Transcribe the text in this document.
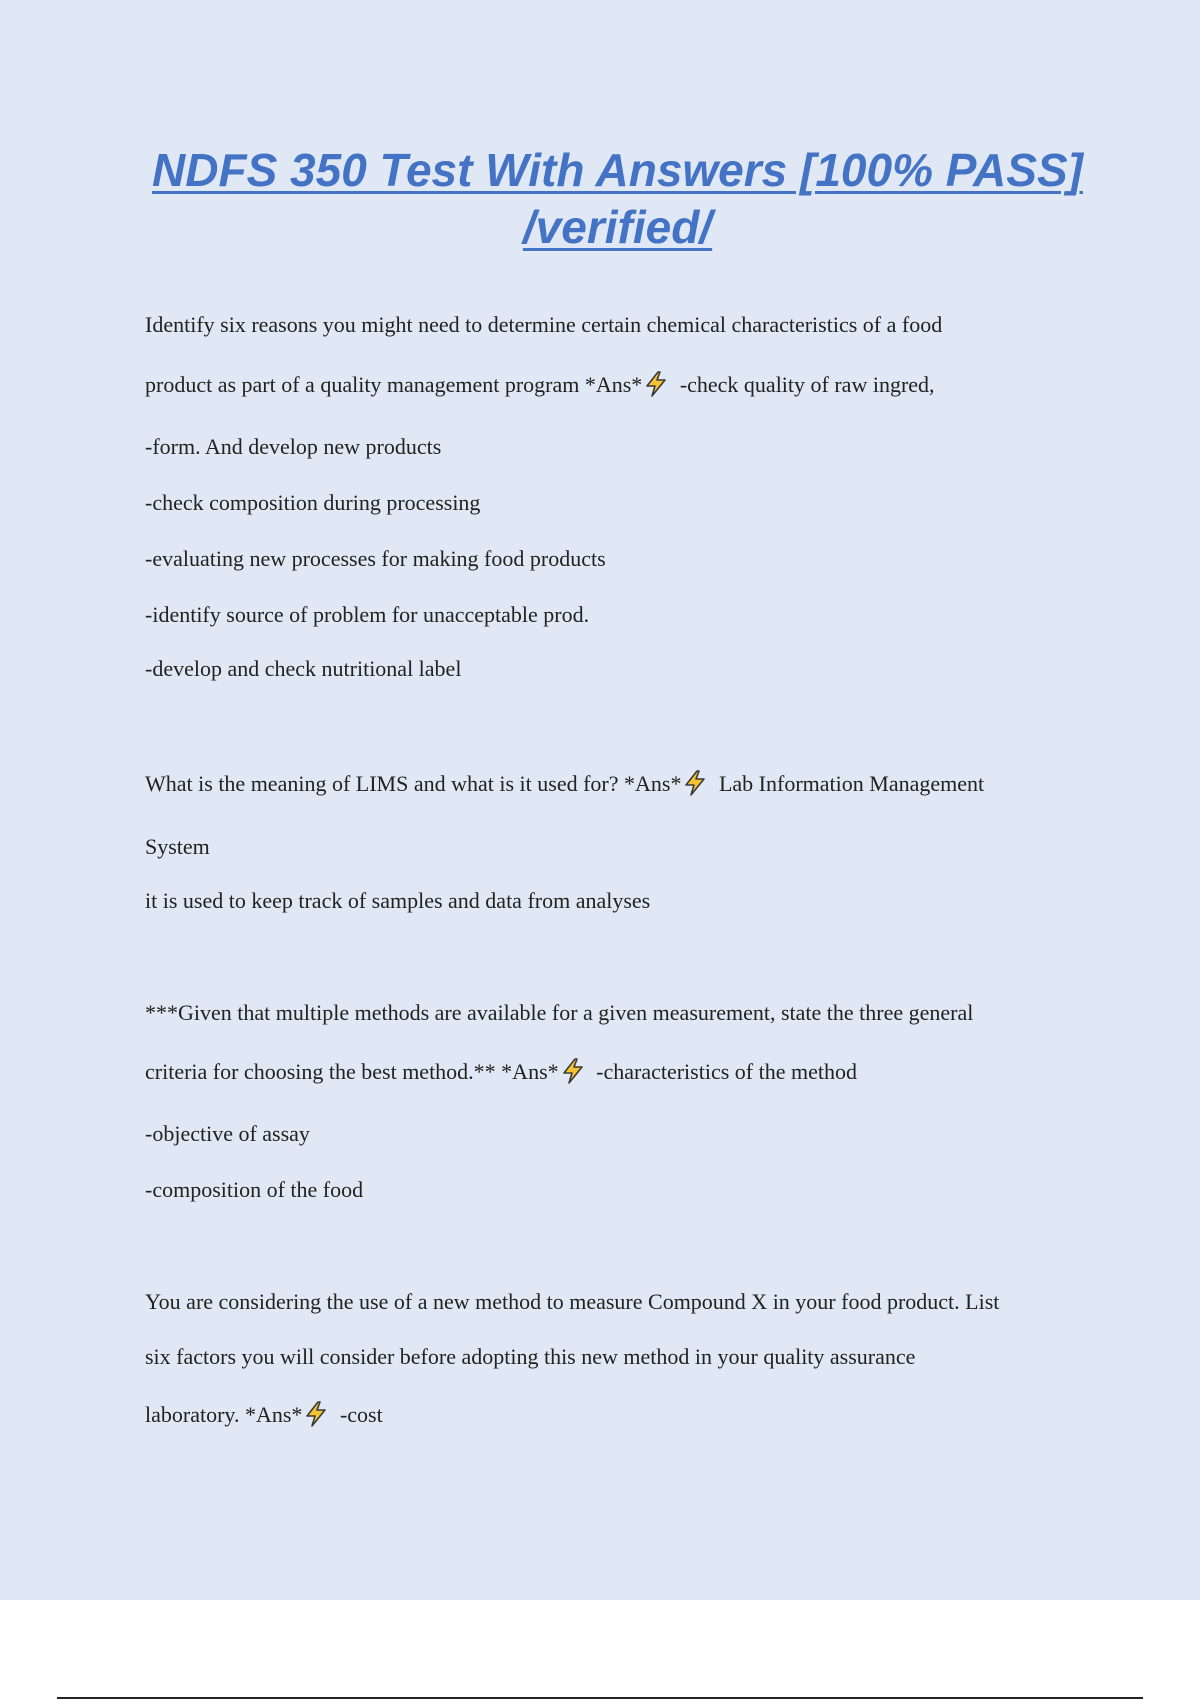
NDFS 350 Test With Answers [100% PASS] /verified/
Identify six reasons you might need to determine certain chemical characteristics of a food
product as part of a quality management program *Ans* -check quality of raw ingred,
-form. And develop new products
-check composition during processing
-evaluating new processes for making food products
-identify source of problem for unacceptable prod.
-develop and check nutritional label
What is the meaning of LIMS and what is it used for? *Ans* Lab Information Management
System
it is used to keep track of samples and data from analyses
***Given that multiple methods are available for a given measurement, state the three general
criteria for choosing the best method.** *Ans* -characteristics of the method
-objective of assay
-composition of the food
You are considering the use of a new method to measure Compound X in your food product. List
six factors you will consider before adopting this new method in your quality assurance
laboratory. *Ans* -cost
